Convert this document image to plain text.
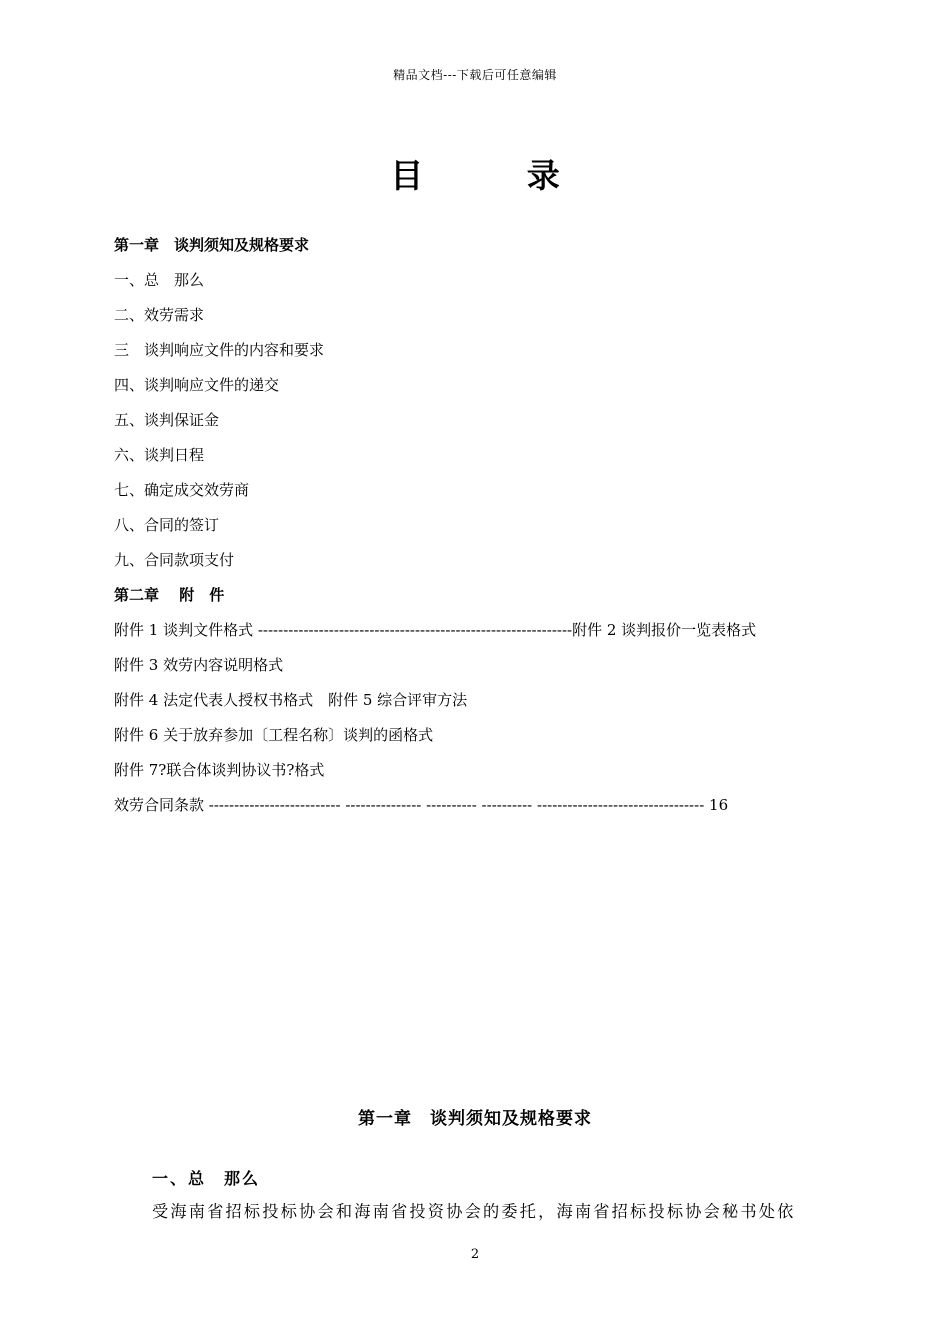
精品文档---下载后可任意编辑
目 录
第一章　谈判须知及规格要求
一、总　那么
二、效劳需求
三　谈判响应文件的内容和要求
四、谈判响应文件的递交
五、谈判保证金
六、谈判日程
七、确定成交效劳商
八、合同的签订
九、合同款项支付
第二章　 附　件
附件 1 谈判文件格式 --------------------------------------------------------------附件 2 谈判报价一览表格式
附件 3 效劳内容说明格式
附件 4 法定代表人授权书格式　附件 5 综合评审方法
附件 6 关于放弃参加〔工程名称〕谈判的函格式
附件 7?联合体谈判协议书?格式
效劳合同条款 -------------------------- --------------- ---------- ---------- --------------------------------- 16
第一章　谈判须知及规格要求
一、总　那么
受海南省招标投标协会和海南省投资协会的委托，海南省招标投标协会秘书处依
2
